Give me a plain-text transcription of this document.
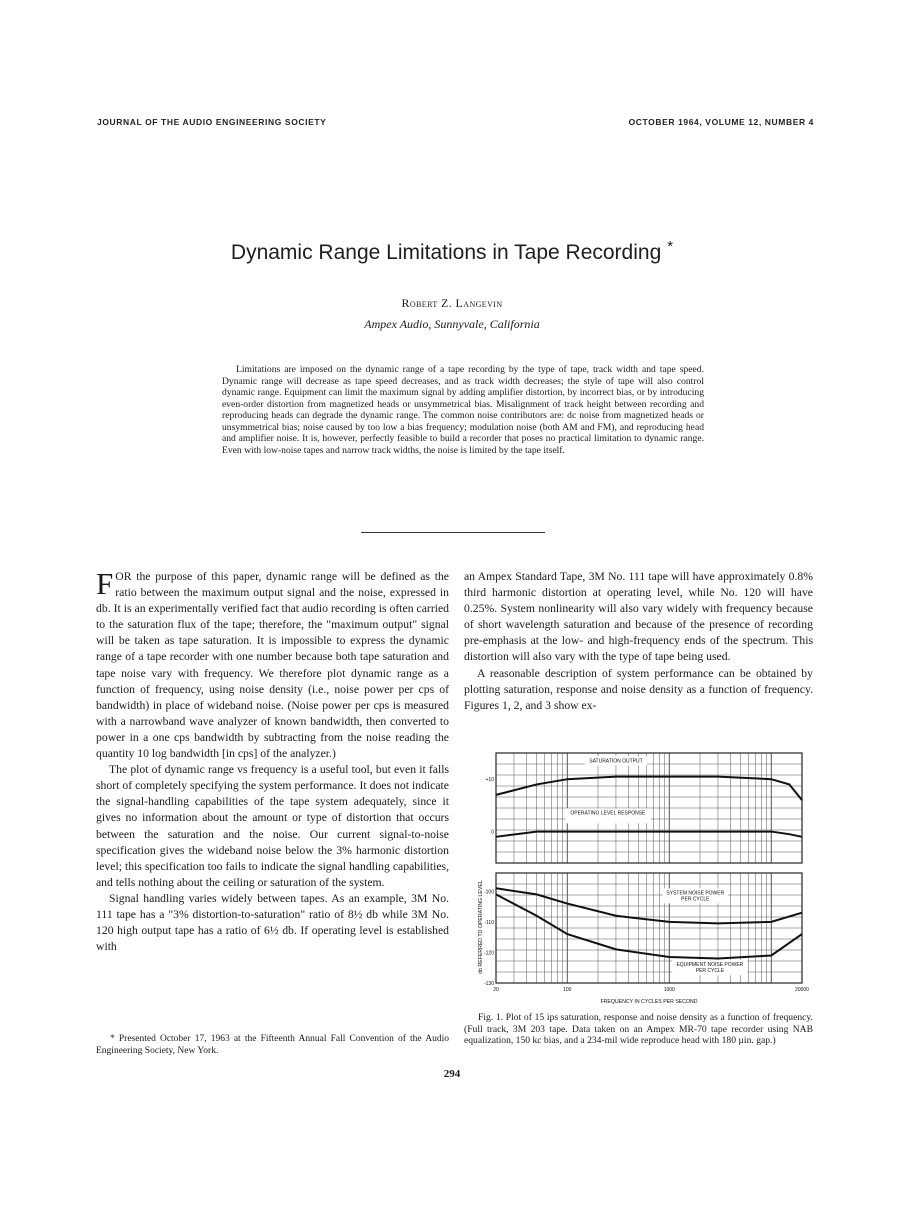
JOURNAL OF THE AUDIO ENGINEERING SOCIETY	OCTOBER 1964, VOLUME 12, NUMBER 4
Dynamic Range Limitations in Tape Recording *
Robert Z. Langevin
Ampex Audio, Sunnyvale, California
Limitations are imposed on the dynamic range of a tape recording by the type of tape, track width and tape speed. Dynamic range will decrease as tape speed decreases, and as track width decreases; the style of tape will also control dynamic range. Equipment can limit the maximum signal by adding amplifier distortion, by incorrect bias, or by introducing even-order distortion from magnetized heads or unsymmetrical bias. Misalignment of track height between recording and reproducing heads can degrade the dynamic range. The common noise contributors are: dc noise from magnetized heads or unsymmetrical bias; noise caused by too low a bias frequency; modulation noise (both AM and FM), and reproducing head and amplifier noise. It is, however, perfectly feasible to build a recorder that poses no practical limitation to dynamic range. Even with low-noise tapes and narrow track widths, the noise is limited by the tape itself.

FOR the purpose of this paper, dynamic range will be defined as the ratio between the maximum output signal and the noise, expressed in db. It is an experimentally verified fact that audio recording is often carried to the saturation flux of the tape; therefore, the "maximum output" signal will be taken as tape saturation. It is impossible to express the dynamic range of a tape recorder with one number because both tape saturation and tape noise vary with frequency. We therefore plot dynamic range as a function of frequency, using noise density (i.e., noise power per cps of bandwidth) in place of wideband noise. (Noise power per cps is measured with a narrowband wave analyzer of known bandwidth, then converted to power in a one cps bandwidth by subtracting from the noise reading the quantity 10 log bandwidth [in cps] of the analyzer.)

The plot of dynamic range vs frequency is a useful tool, but even it falls short of completely specifying the system performance. It does not indicate the signal-handling capabilities of the tape system adequately, since it gives no information about the amount or type of distortion that occurs between the saturation and the noise. Our current signal-to-noise specification gives the wideband noise below the 3% harmonic distortion level; this specification too fails to indicate the signal handling capabilities, and tells nothing about the ceiling or saturation of the system.

Signal handling varies widely between tapes. As an example, 3M No. 111 tape has a "3% distortion-to-saturation" ratio of 8½ db while 3M No. 120 high output tape has a ratio of 6½ db. If operating level is established with

* Presented October 17, 1963 at the Fifteenth Annual Fall Convention of the Audio Engineering Society, New York.

an Ampex Standard Tape, 3M No. 111 tape will have approximately 0.8% third harmonic distortion at operating level, while No. 120 will have 0.25%. System nonlinearity will also vary widely with frequency because of short wavelength saturation and because of the presence of recording pre-emphasis at the low- and high-frequency ends of the spectrum. This distortion will also vary with the type of tape being used.

A reasonable description of system performance can be obtained by plotting saturation, response and noise density as a function of frequency. Figures 1, 2, and 3 show ex-

SATURATION OUTPUT
OPERATING LEVEL RESPONSE
SYSTEM NOISE POWER
PER CYCLE
EQUIPMENT NOISE POWER
PER CYCLE
+10
0
-100
-110
-120
-130
20	100	1000	20000
FREQUENCY IN CYCLES PER SECOND
db REFERRED TO OPERATING LEVEL
Fig. 1. Plot of 15 ips saturation, response and noise density as a function of frequency. (Full track, 3M 203 tape. Data taken on an Ampex MR-70 tape recorder using NAB equalization, 150 kc bias, and a 234-mil wide reproduce head with 180 µin. gap.)
294
